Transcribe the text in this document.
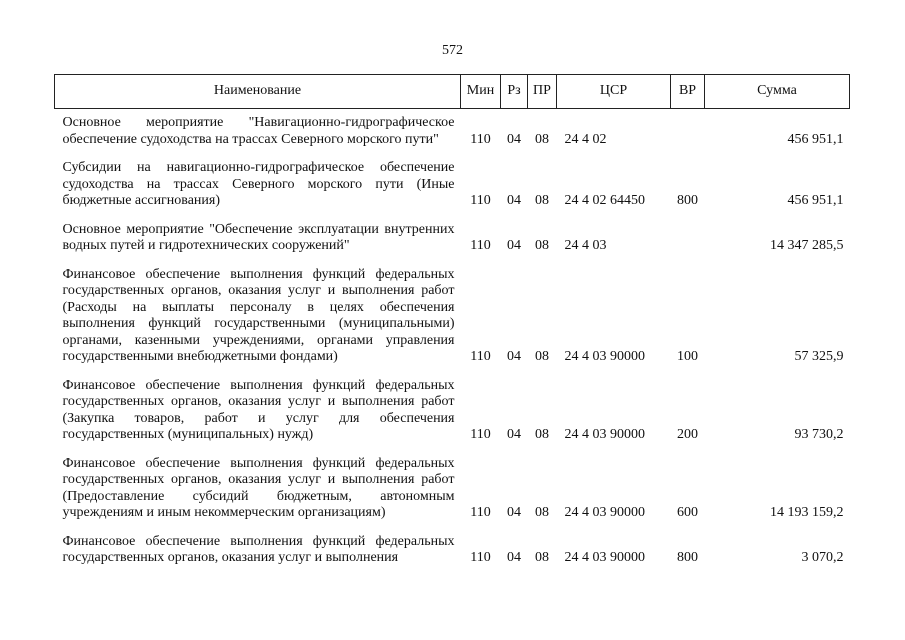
572
Наименование	Мин	Рз	ПР	ЦСР	ВР	Сумма
Основное мероприятие "Навигационно-гидрографическое обеспечение судоходства на трассах Северного морского пути"	110	04	08	24 4 02		456 951,1
Субсидии на навигационно-гидрографическое обеспечение судоходства на трассах Северного морского пути (Иные бюджетные ассигнования)	110	04	08	24 4 02 64450	800	456 951,1
Основное мероприятие "Обеспечение эксплуатации внутренних водных путей и гидротехнических сооружений"	110	04	08	24 4 03		14 347 285,5
Финансовое обеспечение выполнения функций федеральных государственных органов, оказания услуг и выполнения работ (Расходы на выплаты персоналу в целях обеспечения выполнения функций государственными (муниципальными) органами, казенными учреждениями, органами управления государственными внебюджетными фондами)	110	04	08	24 4 03 90000	100	57 325,9
Финансовое обеспечение выполнения функций федеральных государственных органов, оказания услуг и выполнения работ (Закупка товаров, работ и услуг для обеспечения государственных (муниципальных) нужд)	110	04	08	24 4 03 90000	200	93 730,2
Финансовое обеспечение выполнения функций федеральных государственных органов, оказания услуг и выполнения работ (Предоставление субсидий бюджетным, автономным учреждениям и иным некоммерческим организациям)	110	04	08	24 4 03 90000	600	14 193 159,2
Финансовое обеспечение выполнения функций федеральных государственных органов, оказания услуг и выполнения	110	04	08	24 4 03 90000	800	3 070,2
